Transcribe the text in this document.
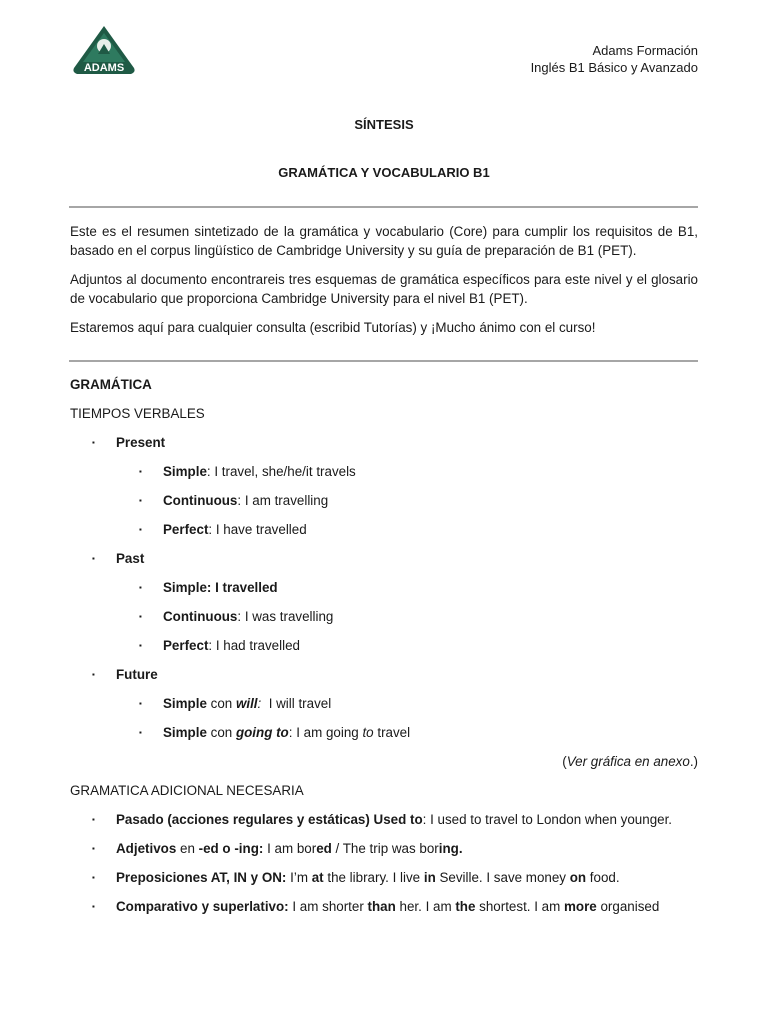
ADAMS
Adams Formación
Inglés B1 Básico y Avanzado
SÍNTESIS
GRAMÁTICA Y VOCABULARIO B1
Este es el resumen sintetizado de la gramática y vocabulario (Core) para cumplir los requisitos de B1, basado en el corpus lingüístico de Cambridge University y su guía de preparación de B1 (PET).
Adjuntos al documento encontrareis tres esquemas de gramática específicos para este nivel y el glosario de vocabulario que proporciona Cambridge University para el nivel B1 (PET).
Estaremos aquí para cualquier consulta (escribid Tutorías) y ¡Mucho ánimo con el curso!
GRAMÁTICA
TIEMPOS VERBALES
▪ Present
▪ Simple: I travel, she/he/it travels
▪ Continuous: I am travelling
▪ Perfect: I have travelled
▪ Past
▪ Simple: I travelled
▪ Continuous: I was travelling
▪ Perfect: I had travelled
▪ Future
▪ Simple con will:  I will travel
▪ Simple con going to: I am going to travel
(Ver gráfica en anexo.)
GRAMATICA ADICIONAL NECESARIA
▪ Pasado (acciones regulares y estáticas) Used to: I used to travel to London when younger.
▪ Adjetivos en -ed o -ing: I am bored / The trip was boring.
▪ Preposiciones AT, IN y ON: I’m at the library. I live in Seville. I save money on food.
▪ Comparativo y superlativo: I am shorter than her. I am the shortest. I am more organised
